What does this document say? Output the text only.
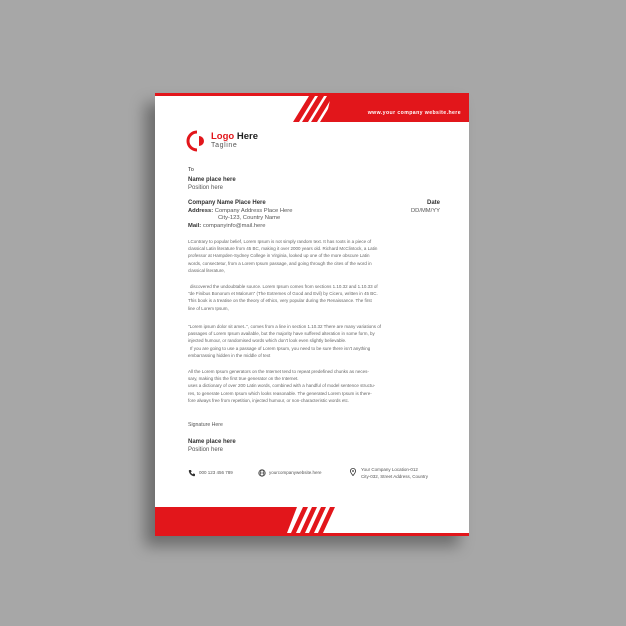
www.your company website.here
Logo Here
Tagline
To
Name place here
Position here
Company Name Place Here
Address: Company Address Place Here
City-123, Country Name
Mail: companyinfo@mail.here
Date
DD/MM/YY

LContrary to popular belief, Lorem Ipsum is not simply random text. It has roots in a piece of

classical Latin literature from 45 BC, making it over 2000 years old. Richard McClintock, a Latin

professor at Hampden-Sydney College in Virginia, looked up one of the more obscure Latin

words, consectetur, from a Lorem Ipsum passage, and going through the cites of the word in

classical literature,

discovered the undoubtable source. Lorem Ipsum comes from sections 1.10.32 and 1.10.33 of

"de Finibus Bonorum et Malorum" (The Extremes of Good and Evil) by Cicero, written in 45 BC.

This book is a treatise on the theory of ethics, very popular during the Renaissance. The first

line of Lorem Ipsum,

"Lorem ipsum dolor sit amet..", comes from a line in section 1.10.32 There are many variations of

passages of Lorem Ipsum available, but the majority have suffered alteration in some form, by

injected humour, or randomised words which don't look even slightly believable.

If you are going to use a passage of Lorem Ipsum, you need to be sure there isn't anything

embarrassing hidden in the middle of text

All the Lorem Ipsum generators on the Internet tend to repeat predefined chunks as neces-

sary, making this the first true generator on the Internet.

uses a dictionary of over 200 Latin words, combined with a handful of model sentence structu-

res, to generate Lorem Ipsum which looks reasonable. The generated Lorem Ipsum is there-

fore always free from repetition, injected humour, or non-characteristic words etc.

Signature Here
Name place here
Position here
000 123 456 789	yourcompanywebsite.here
Your Company Location-012
City-032, Street Address, Country
